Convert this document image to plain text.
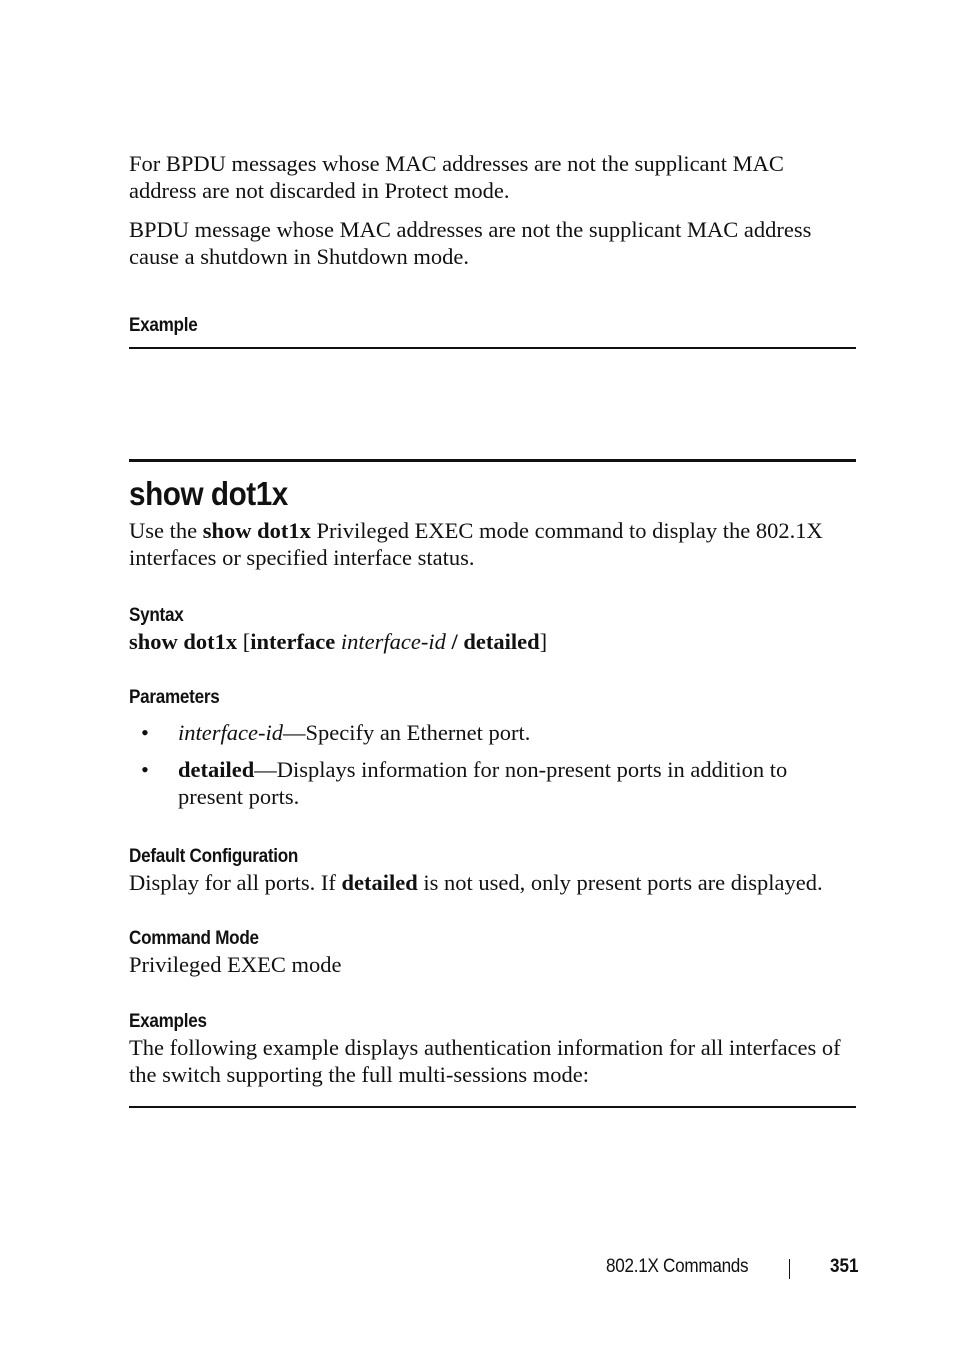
For BPDU messages whose MAC addresses are not the supplicant MAC address are not discarded in Protect mode.

BPDU message whose MAC addresses are not the supplicant MAC address cause a shutdown in Shutdown mode.

Example
show dot1x

Use the show dot1x Privileged EXEC mode command to display the 802.1X interfaces or specified interface status.

Syntax

show dot1x [interface interface-id / detailed]

Parameters
• interface-id—Specify an Ethernet port.
• detailed—Displays information for non-present ports in addition to present ports.
Default Configuration

Display for all ports. If detailed is not used, only present ports are displayed.

Command Mode

Privileged EXEC mode

Examples

The following example displays authentication information for all interfaces of the switch supporting the full multi-sessions mode:

802.1X Commands	351
